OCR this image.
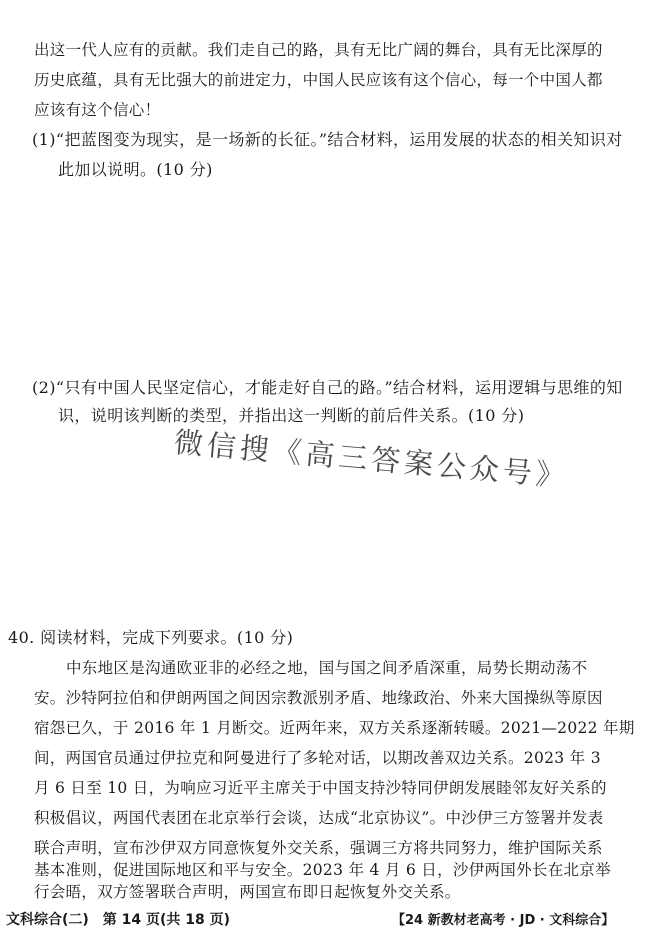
出这一代人应有的贡献。我们走自己的路，具有无比广阔的舞台，具有无比深厚的
历史底蕴，具有无比强大的前进定力，中国人民应该有这个信心，每一个中国人都
应该有这个信心！
(1)“把蓝图变为现实，是一场新的长征。”结合材料，运用发展的状态的相关知识对
此加以说明。(10 分)
(2)“只有中国人民坚定信心，才能走好自己的路。”结合材料，运用逻辑与思维的知
识，说明该判断的类型，并指出这一判断的前后件关系。(10 分)
微信搜《高三答案公众号》
40. 阅读材料，完成下列要求。(10 分)
中东地区是沟通欧亚非的必经之地，国与国之间矛盾深重，局势长期动荡不
安。沙特阿拉伯和伊朗两国之间因宗教派别矛盾、地缘政治、外来大国操纵等原因
宿怨已久，于 2016 年 1 月断交。近两年来，双方关系逐渐转暖。2021—2022 年期
间，两国官员通过伊拉克和阿曼进行了多轮对话，以期改善双边关系。2023 年 3
月 6 日至 10 日，为响应习近平主席关于中国支持沙特同伊朗发展睦邻友好关系的
积极倡议，两国代表团在北京举行会谈，达成“北京协议”。中沙伊三方签署并发表
联合声明，宣布沙伊双方同意恢复外交关系，强调三方将共同努力，维护国际关系
基本准则，促进国际地区和平与安全。2023 年 4 月 6 日，沙伊两国外长在北京举
行会晤，双方签署联合声明，两国宣布即日起恢复外交关系。
文科综合(二)　第 14 页(共 18 页)	【24 新教材老高考 · JD · 文科综合】
